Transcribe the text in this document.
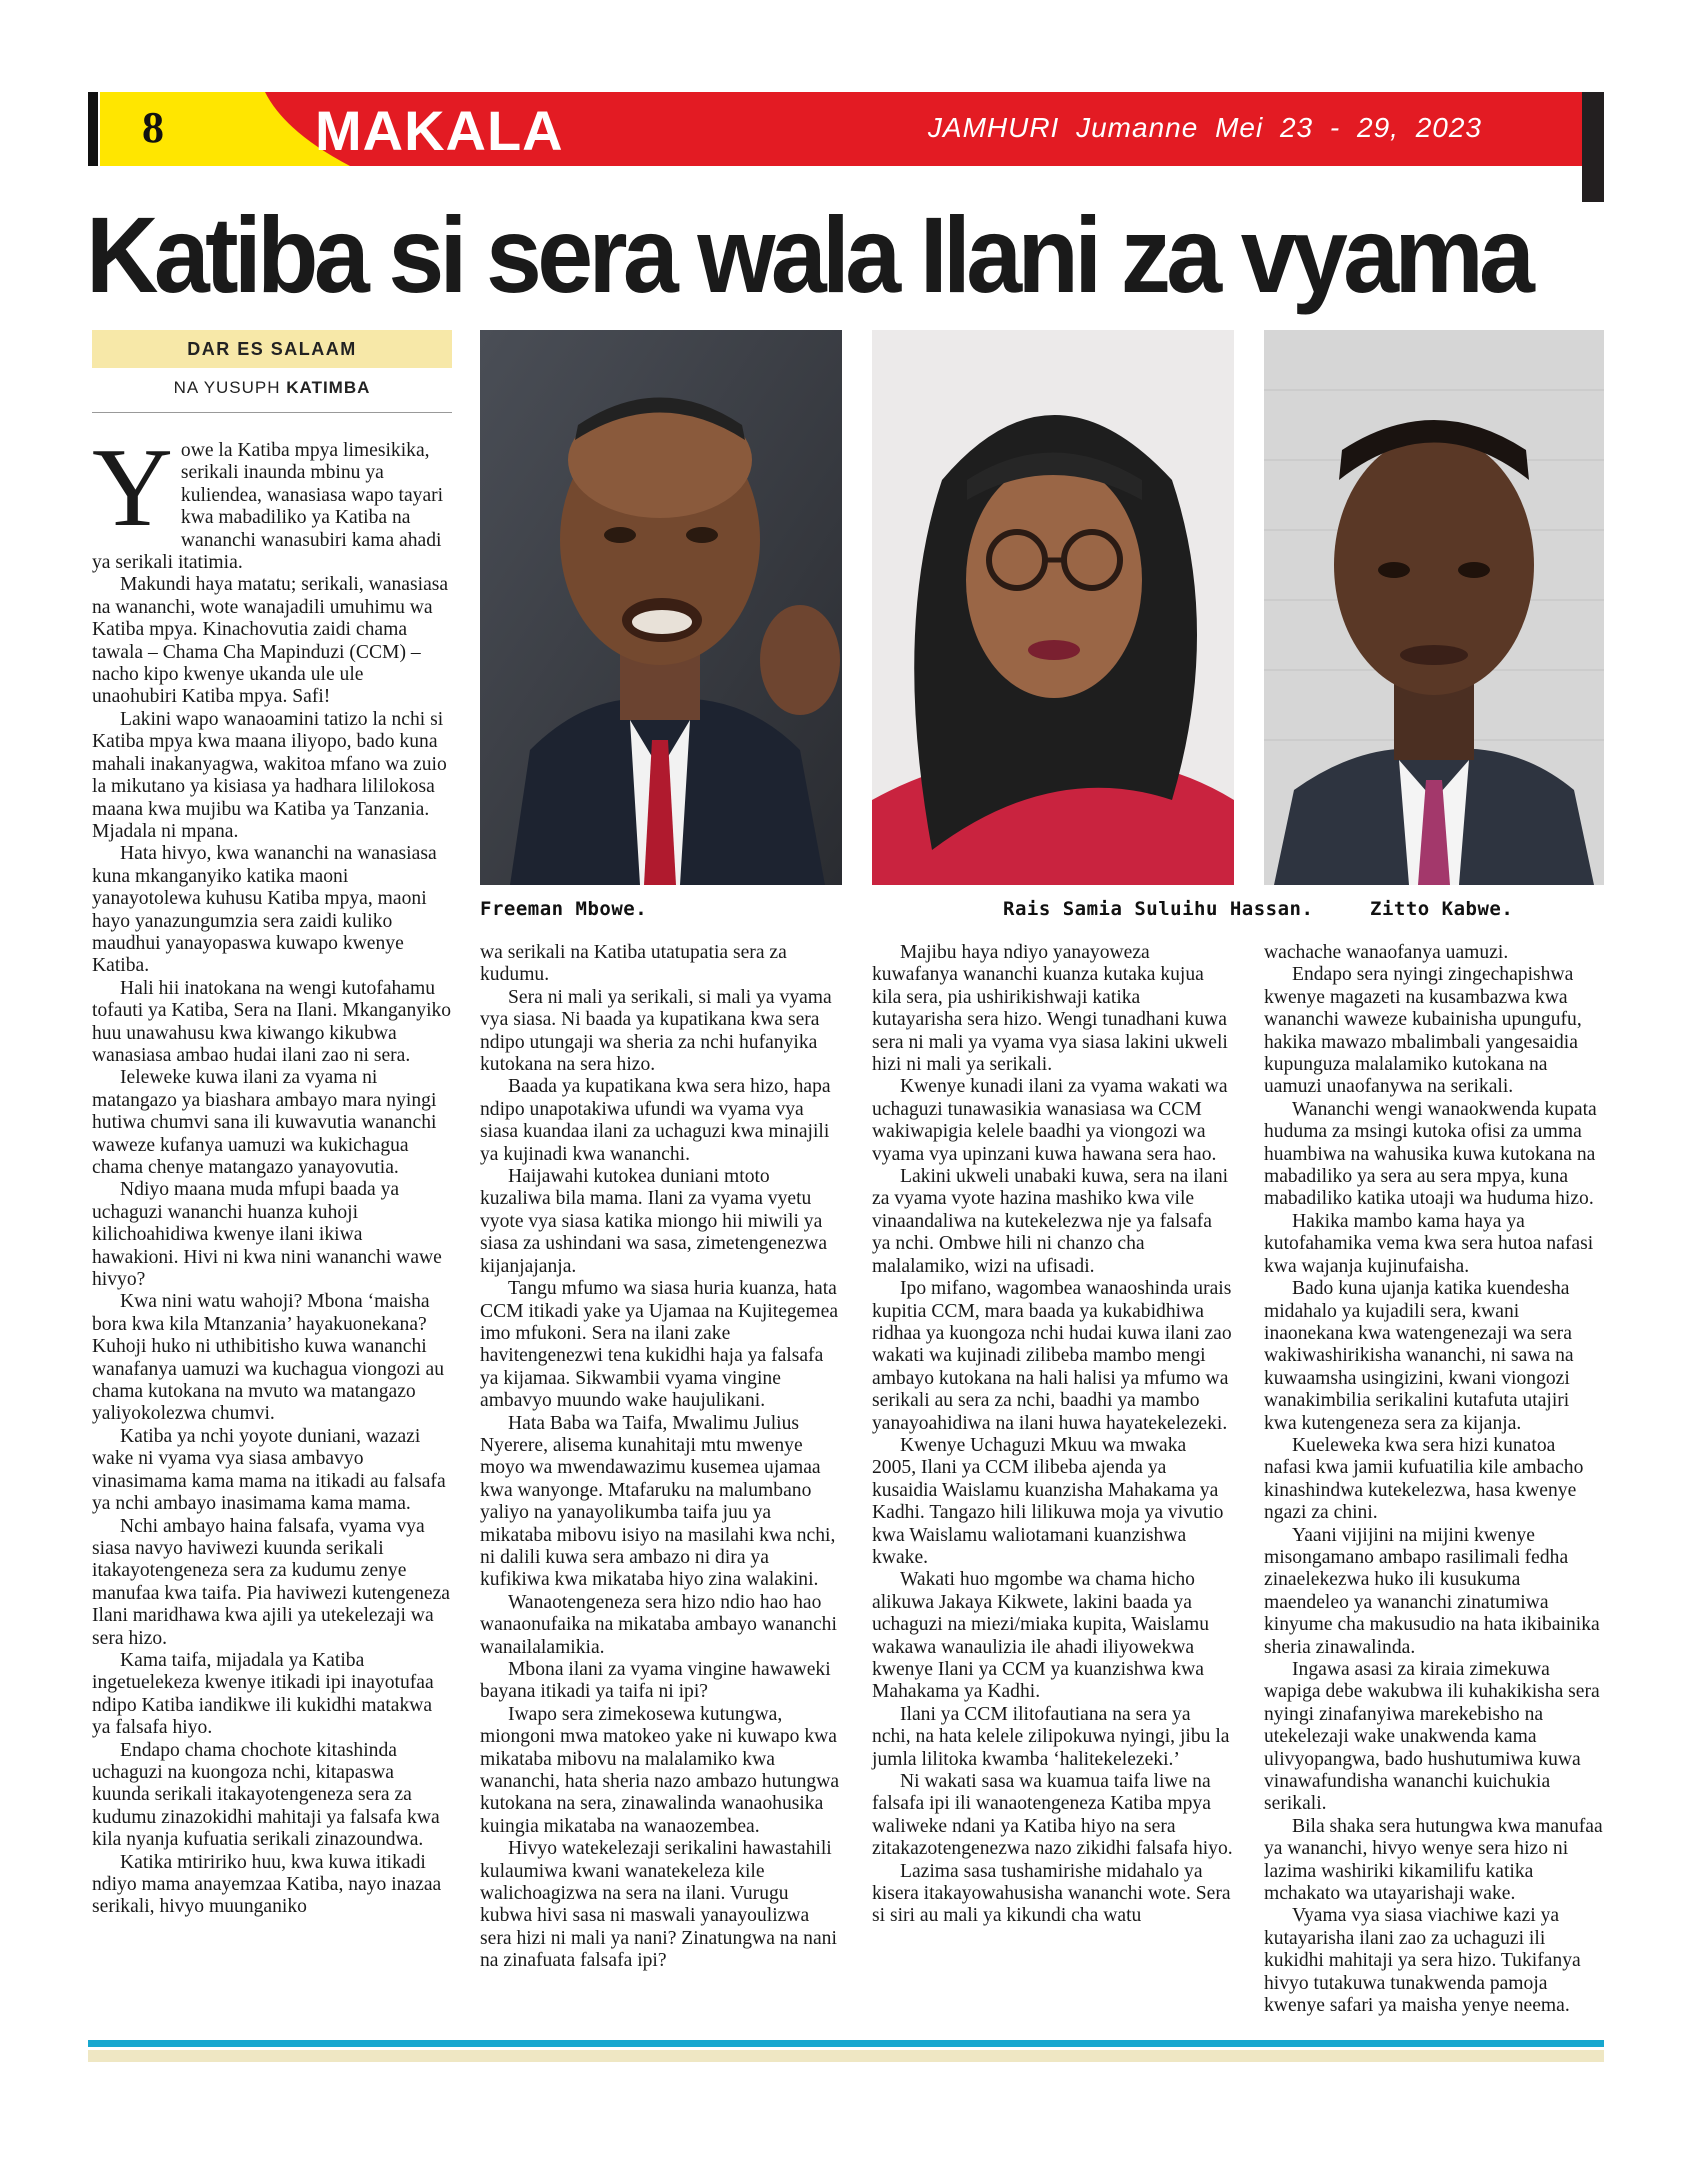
8	MAKALA	JAMHURI Jumanne Mei 23 - 29, 2023
Katiba si sera wala Ilani za vyama
DAR ES SALAAM
NA YUSUPH KATIMBA
Freeman Mbowe.	Rais Samia Suluihu Hassan.	Zitto Kabwe.

Yowe la Katiba mpya limesikika, serikali inaunda mbinu ya kuliendea, wanasiasa wapo tayari kwa mabadiliko ya Katiba na wananchi wanasubiri kama ahadi ya serikali itatimia.

Makundi haya matatu; serikali, wanasiasa na wananchi, wote wanajadili umuhimu wa Katiba mpya. Kinachovutia zaidi chama tawala – Chama Cha Mapinduzi (CCM) – nacho kipo kwenye ukanda ule ule unaohubiri Katiba mpya. Safi!

Lakini wapo wanaoamini tatizo la nchi si Katiba mpya kwa maana iliyopo, bado kuna mahali inakanyagwa, wakitoa mfano wa zuio la mikutano ya kisiasa ya hadhara lililokosa maana kwa mujibu wa Katiba ya Tanzania. Mjadala ni mpana.

Hata hivyo, kwa wananchi na wanasiasa kuna mkanganyiko katika maoni yanayotolewa kuhusu Katiba mpya, maoni hayo yanazungumzia sera zaidi kuliko maudhui yanayopaswa kuwapo kwenye Katiba.

Hali hii inatokana na wengi kutofahamu tofauti ya Katiba, Sera na Ilani. Mkanganyiko huu unawahusu kwa kiwango kikubwa wanasiasa ambao hudai ilani zao ni sera.

Ieleweke kuwa ilani za vyama ni matangazo ya biashara ambayo mara nyingi hutiwa chumvi sana ili kuwavutia wananchi waweze kufanya uamuzi wa kukichagua chama chenye matangazo yanayovutia.

Ndiyo maana muda mfupi baada ya uchaguzi wananchi huanza kuhoji kilichoahidiwa kwenye ilani ikiwa hawakioni. Hivi ni kwa nini wananchi wawe hivyo?

Kwa nini watu wahoji? Mbona ‘maisha bora kwa kila Mtanzania’ hayakuonekana? Kuhoji huko ni uthibitisho kuwa wananchi wanafanya uamuzi wa kuchagua viongozi au chama kutokana na mvuto wa matangazo yaliyokolezwa chumvi.

Katiba ya nchi yoyote duniani, wazazi wake ni vyama vya siasa ambavyo vinasimama kama mama na itikadi au falsafa ya nchi ambayo inasimama kama mama.

Nchi ambayo haina falsafa, vyama vya siasa navyo haviwezi kuunda serikali itakayotengeneza sera za kudumu zenye manufaa kwa taifa. Pia haviwezi kutengeneza Ilani maridhawa kwa ajili ya utekelezaji wa sera hizo.

Kama taifa, mijadala ya Katiba ingetuelekeza kwenye itikadi ipi inayotufaa ndipo Katiba iandikwe ili kukidhi matakwa ya falsafa hiyo.

Endapo chama chochote kitashinda uchaguzi na kuongoza nchi, kitapaswa kuunda serikali itakayotengeneza sera za kudumu zinazokidhi mahitaji ya falsafa kwa kila nyanja kufuatia serikali zinazoundwa.

Katika mtiririko huu, kwa kuwa itikadi ndiyo mama anayemzaa Katiba, nayo inazaa serikali, hivyo muunganiko

wa serikali na Katiba utatupatia sera za kudumu.

Sera ni mali ya serikali, si mali ya vyama vya siasa. Ni baada ya kupatikana kwa sera ndipo utungaji wa sheria za nchi hufanyika kutokana na sera hizo.

Baada ya kupatikana kwa sera hizo, hapa ndipo unapotakiwa ufundi wa vyama vya siasa kuandaa ilani za uchaguzi kwa minajili ya kujinadi kwa wananchi.

Haijawahi kutokea duniani mtoto kuzaliwa bila mama. Ilani za vyama vyetu vyote vya siasa katika miongo hii miwili ya siasa za ushindani wa sasa, zimetengenezwa kijanjajanja.

Tangu mfumo wa siasa huria kuanza, hata CCM itikadi yake ya Ujamaa na Kujitegemea imo mfukoni. Sera na ilani zake havitengenezwi tena kukidhi haja ya falsafa ya kijamaa. Sikwambii vyama vingine ambavyo muundo wake haujulikani.

Hata Baba wa Taifa, Mwalimu Julius Nyerere, alisema kunahitaji mtu mwenye moyo wa mwendawazimu kusemea ujamaa kwa wanyonge. Mtafaruku na malumbano yaliyo na yanayolikumba taifa juu ya mikataba mibovu isiyo na masilahi kwa nchi, ni dalili kuwa sera ambazo ni dira ya kufikiwa kwa mikataba hiyo zina walakini.

Wanaotengeneza sera hizo ndio hao hao wanaonufaika na mikataba ambayo wananchi wanailalamikia.

Mbona ilani za vyama vingine hawaweki bayana itikadi ya taifa ni ipi?

Iwapo sera zimekosewa kutungwa, miongoni mwa matokeo yake ni kuwapo kwa mikataba mibovu na malalamiko kwa wananchi, hata sheria nazo ambazo hutungwa kutokana na sera, zinawalinda wanaohusika kuingia mikataba na wanaozembea.

Hivyo watekelezaji serikalini hawastahili kulaumiwa kwani wanatekeleza kile walichoagizwa na sera na ilani. Vurugu kubwa hivi sasa ni maswali yanayoulizwa sera hizi ni mali ya nani? Zinatungwa na nani na zinafuata falsafa ipi?

Majibu haya ndiyo yanayoweza kuwafanya wananchi kuanza kutaka kujua kila sera, pia ushirikishwaji katika kutayarisha sera hizo. Wengi tunadhani kuwa sera ni mali ya vyama vya siasa lakini ukweli hizi ni mali ya serikali.

Kwenye kunadi ilani za vyama wakati wa uchaguzi tunawasikia wanasiasa wa CCM wakiwapigia kelele baadhi ya viongozi wa vyama vya upinzani kuwa hawana sera hao.

Lakini ukweli unabaki kuwa, sera na ilani za vyama vyote hazina mashiko kwa vile vinaandaliwa na kutekelezwa nje ya falsafa ya nchi. Ombwe hili ni chanzo cha malalamiko, wizi na ufisadi.

Ipo mifano, wagombea wanaoshinda urais kupitia CCM, mara baada ya kukabidhiwa ridhaa ya kuongoza nchi hudai kuwa ilani zao wakati wa kujinadi zilibeba mambo mengi ambayo kutokana na hali halisi ya mfumo wa serikali au sera za nchi, baadhi ya mambo yanayoahidiwa na ilani huwa hayatekelezeki.

Kwenye Uchaguzi Mkuu wa mwaka 2005, Ilani ya CCM ilibeba ajenda ya kusaidia Waislamu kuanzisha Mahakama ya Kadhi. Tangazo hili lilikuwa moja ya vivutio kwa Waislamu waliotamani kuanzishwa kwake.

Wakati huo mgombe wa chama hicho alikuwa Jakaya Kikwete, lakini baada ya uchaguzi na miezi/miaka kupita, Waislamu wakawa wanaulizia ile ahadi iliyowekwa kwenye Ilani ya CCM ya kuanzishwa kwa Mahakama ya Kadhi.

Ilani ya CCM ilitofautiana na sera ya nchi, na hata kelele zilipokuwa nyingi, jibu la jumla lilitoka kwamba ‘halitekelezeki.’

Ni wakati sasa wa kuamua taifa liwe na falsafa ipi ili wanaotengeneza Katiba mpya waliweke ndani ya Katiba hiyo na sera zitakazotengenezwa nazo zikidhi falsafa hiyo.

Lazima sasa tushamirishe midahalo ya kisera itakayowahusisha wananchi wote. Sera si siri au mali ya kikundi cha watu

wachache wanaofanya uamuzi.

Endapo sera nyingi zingechapishwa kwenye magazeti na kusambazwa kwa wananchi waweze kubainisha upungufu, hakika mawazo mbalimbali yangesaidia kupunguza malalamiko kutokana na uamuzi unaofanywa na serikali.

Wananchi wengi wanaokwenda kupata huduma za msingi kutoka ofisi za umma huambiwa na wahusika kuwa kutokana na mabadiliko ya sera au sera mpya, kuna mabadiliko katika utoaji wa huduma hizo.

Hakika mambo kama haya ya kutofahamika vema kwa sera hutoa nafasi kwa wajanja kujinufaisha.

Bado kuna ujanja katika kuendesha midahalo ya kujadili sera, kwani inaonekana kwa watengenezaji wa sera wakiwashirikisha wananchi, ni sawa na kuwaamsha usingizini, kwani viongozi wanakimbilia serikalini kutafuta utajiri kwa kutengeneza sera za kijanja.

Kueleweka kwa sera hizi kunatoa nafasi kwa jamii kufuatilia kile ambacho kinashindwa kutekelezwa, hasa kwenye ngazi za chini.

Yaani vijijini na mijini kwenye misongamano ambapo rasilimali fedha zinaelekezwa huko ili kusukuma maendeleo ya wananchi zinatumiwa kinyume cha makusudio na hata ikibainika sheria zinawalinda.

Ingawa asasi za kiraia zimekuwa wapiga debe wakubwa ili kuhakikisha sera nyingi zinafanyiwa marekebisho na utekelezaji wake unakwenda kama ulivyopangwa, bado hushutumiwa kuwa vinawafundisha wananchi kuichukia serikali.

Bila shaka sera hutungwa kwa manufaa ya wananchi, hivyo wenye sera hizo ni lazima washiriki kikamilifu katika mchakato wa utayarishaji wake.

Vyama vya siasa viachiwe kazi ya kutayarisha ilani zao za uchaguzi ili kukidhi mahitaji ya sera hizo. Tukifanya hivyo tutakuwa tunakwenda pamoja kwenye safari ya maisha yenye neema.
